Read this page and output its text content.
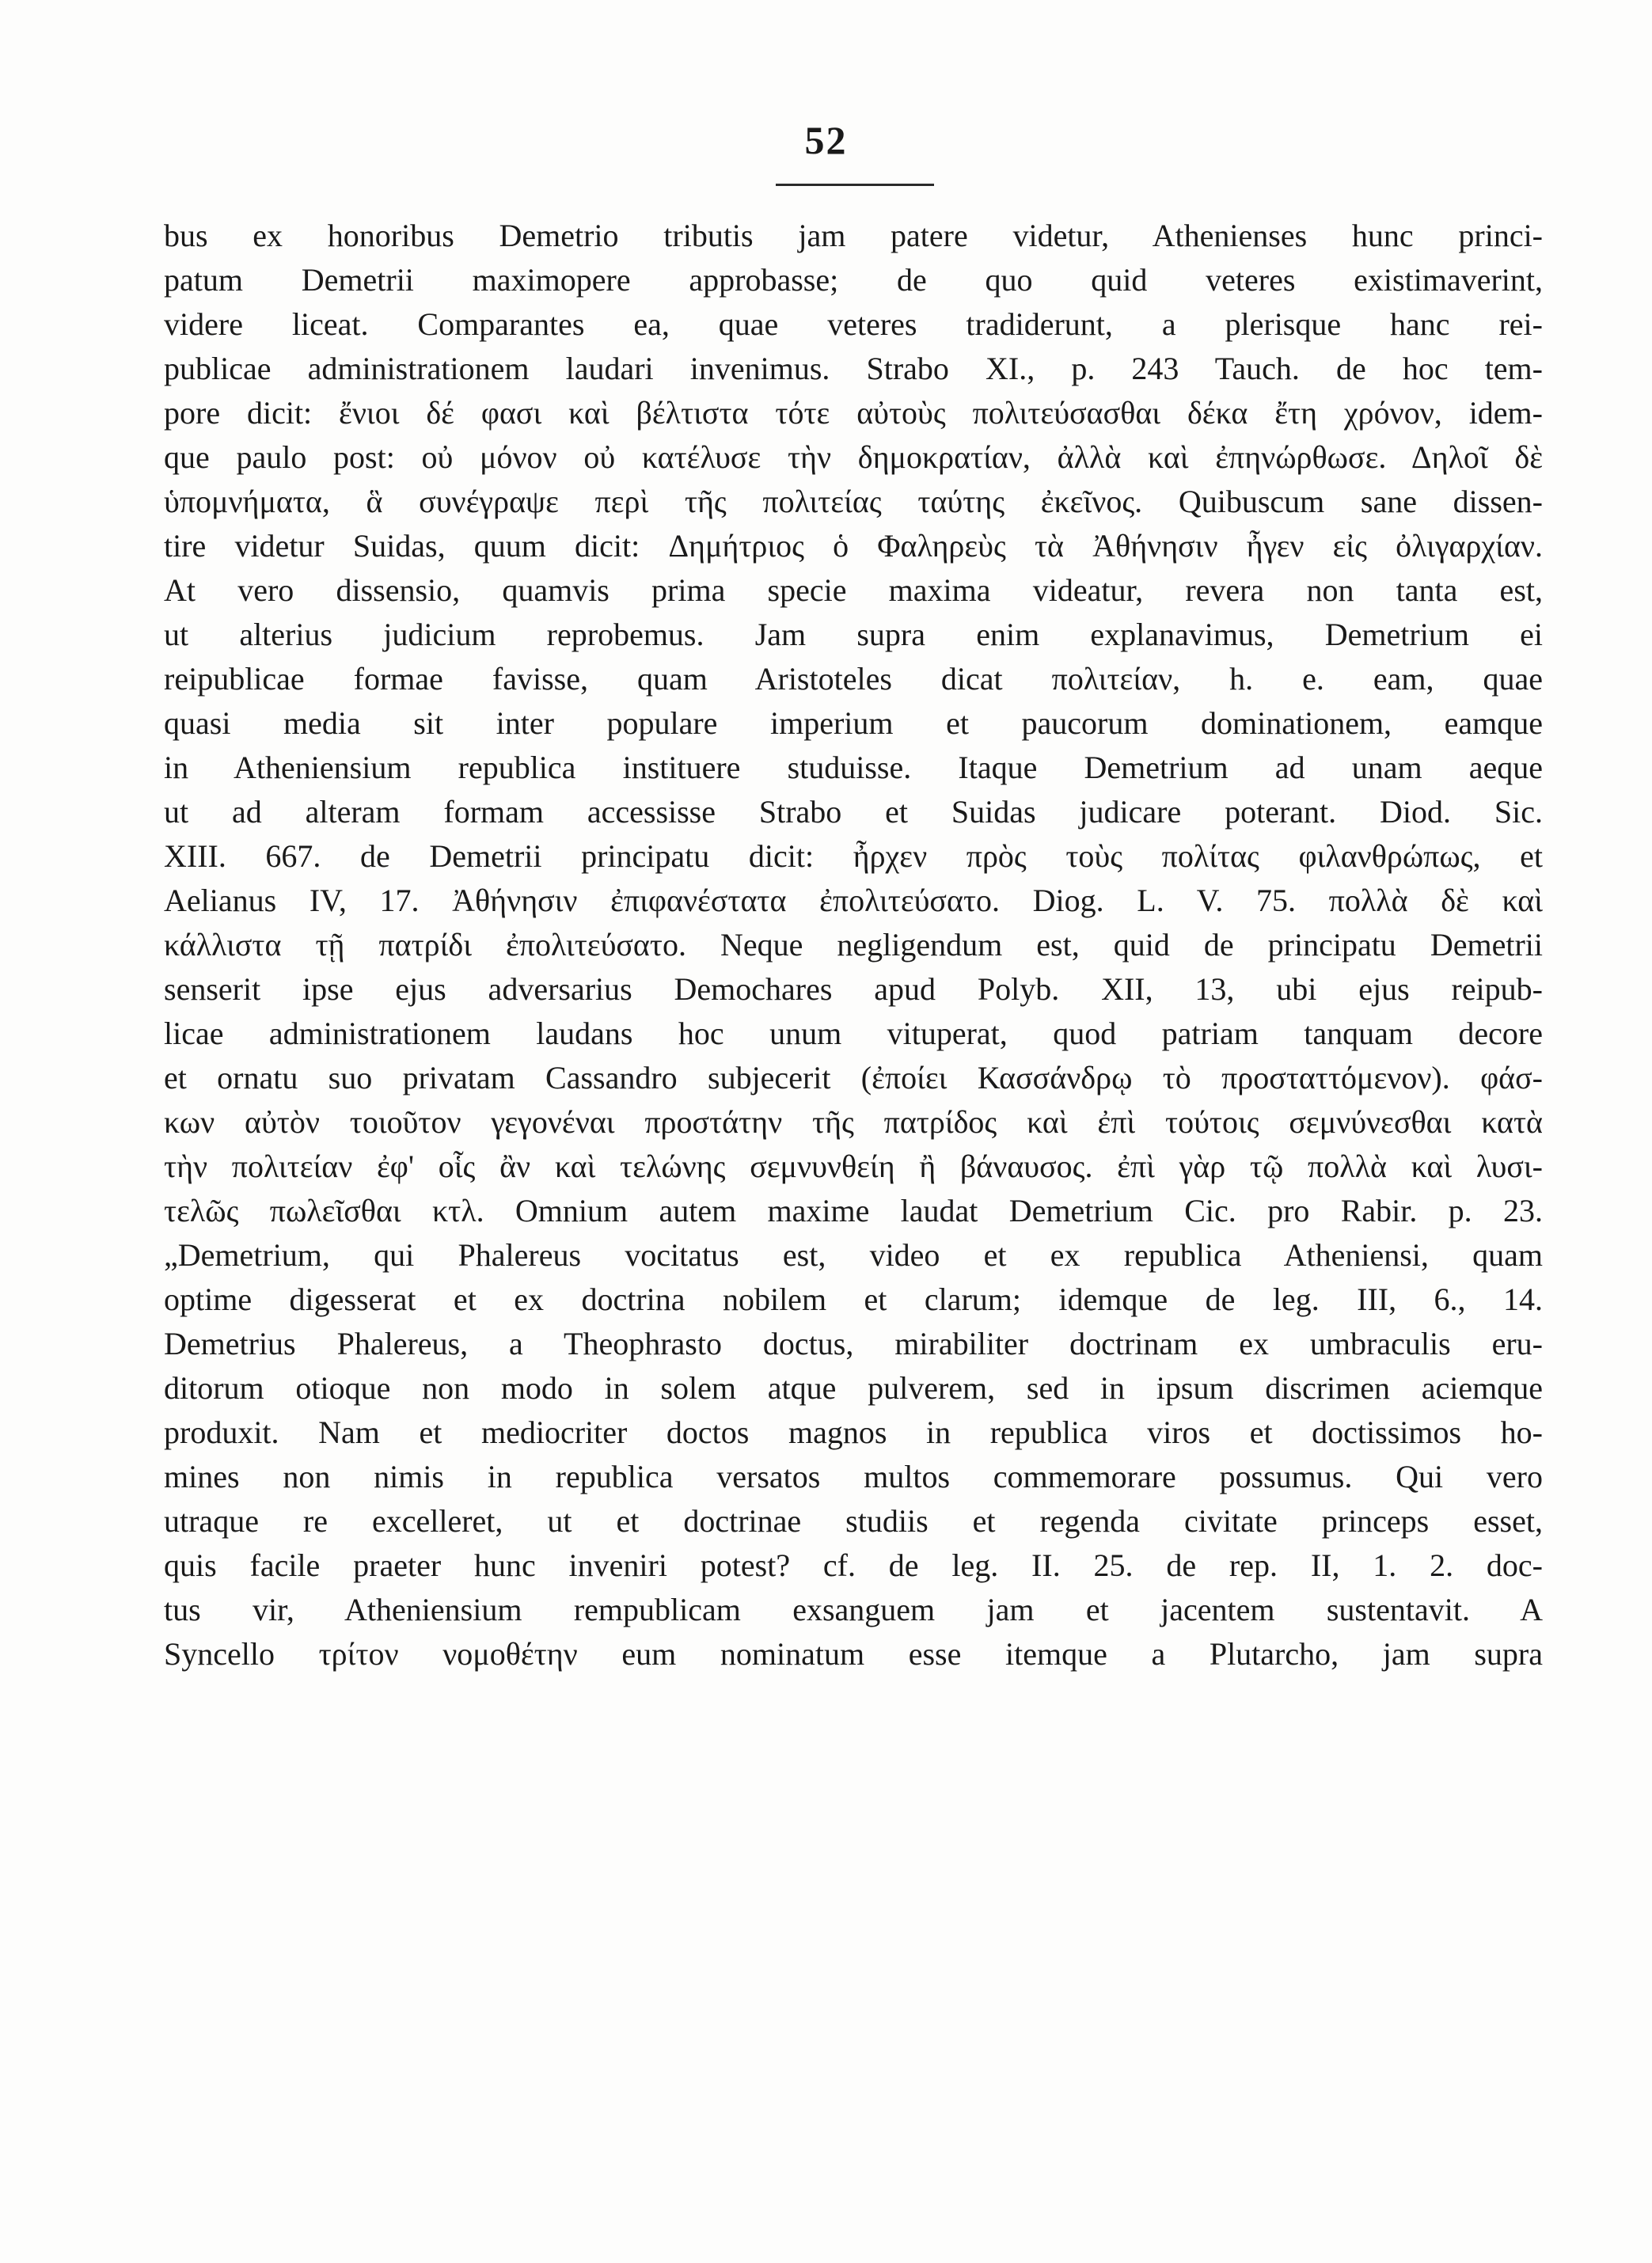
52
bus ex honoribus Demetrio tributis jam patere videtur, Athenienses hunc princi-
patum Demetrii maximopere approbasse; de quo quid veteres existimaverint,
videre liceat. Comparantes ea, quae veteres tradiderunt, a plerisque hanc rei-
publicae administrationem laudari invenimus. Strabo XI., p. 243 Tauch. de hoc tem-
pore dicit: ἔνιοι δέ φασι καὶ βέλτιστα τότε αὐτοὺς πολιτεύσασθαι δέκα ἔτη χρόνον, idem-
que paulo post: οὐ μόνον οὐ κατέλυσε τὴν δημοκρατίαν, ἀλλὰ καὶ ἐπηνώρθωσε. Δηλοῖ δὲ
ὑπομνήματα, ἃ συνέγραψε περὶ τῆς πολιτείας ταύτης ἐκεῖνος. Quibuscum sane dissen-
tire videtur Suidas, quum dicit: Δημήτριος ὁ Φαληρεὺς τὰ Ἀθήνησιν ἦγεν εἰς ὀλιγαρχίαν.
At vero dissensio, quamvis prima specie maxima videatur, revera non tanta est,
ut alterius judicium reprobemus. Jam supra enim explanavimus, Demetrium ei
reipublicae formae favisse, quam Aristoteles dicat πολιτείαν, h. e. eam, quae
quasi media sit inter populare imperium et paucorum dominationem, eamque
in Atheniensium republica instituere studuisse. Itaque Demetrium ad unam aeque
ut ad alteram formam accessisse Strabo et Suidas judicare poterant. Diod. Sic.
XIII. 667. de Demetrii principatu dicit: ἦρχεν πρὸς τοὺς πολίτας φιλανθρώπως, et
Aelianus IV, 17. Ἀθήνησιν ἐπιφανέστατα ἐπολιτεύσατο. Diog. L. V. 75. πολλὰ δὲ καὶ
κάλλιστα τῇ πατρίδι ἐπολιτεύσατο. Neque negligendum est, quid de principatu Demetrii
senserit ipse ejus adversarius Demochares apud Polyb. XII, 13, ubi ejus reipub-
licae administrationem laudans hoc unum vituperat, quod patriam tanquam decore
et ornatu suo privatam Cassandro subjecerit (ἐποίει Κασσάνδρῳ τὸ προσταττόμενον). φάσ-
κων αὐτὸν τοιοῦτον γεγονέναι προστάτην τῆς πατρίδος καὶ ἐπὶ τούτοις σεμνύνεσθαι κατὰ
τὴν πολιτείαν ἐφ' οἷς ἂν καὶ τελώνης σεμνυνθείη ἢ βάναυσος. ἐπὶ γὰρ τῷ πολλὰ καὶ λυσι-
τελῶς πωλεῖσθαι κτλ. Omnium autem maxime laudat Demetrium Cic. pro Rabir. p. 23.
„Demetrium, qui Phalereus vocitatus est, video et ex republica Atheniensi, quam
optime digesserat et ex doctrina nobilem et clarum; idemque de leg. III, 6., 14.
Demetrius Phalereus, a Theophrasto doctus, mirabiliter doctrinam ex umbraculis eru-
ditorum otioque non modo in solem atque pulverem, sed in ipsum discrimen aciemque
produxit. Nam et mediocriter doctos magnos in republica viros et doctissimos ho-
mines non nimis in republica versatos multos commemorare possumus. Qui vero
utraque re excelleret, ut et doctrinae studiis et regenda civitate princeps esset,
quis facile praeter hunc inveniri potest? cf. de leg. II. 25. de rep. II, 1. 2. doc-
tus vir, Atheniensium rempublicam exsanguem jam et jacentem sustentavit. A
Syncello τρίτον νομοθέτην eum nominatum esse itemque a Plutarcho, jam supra
